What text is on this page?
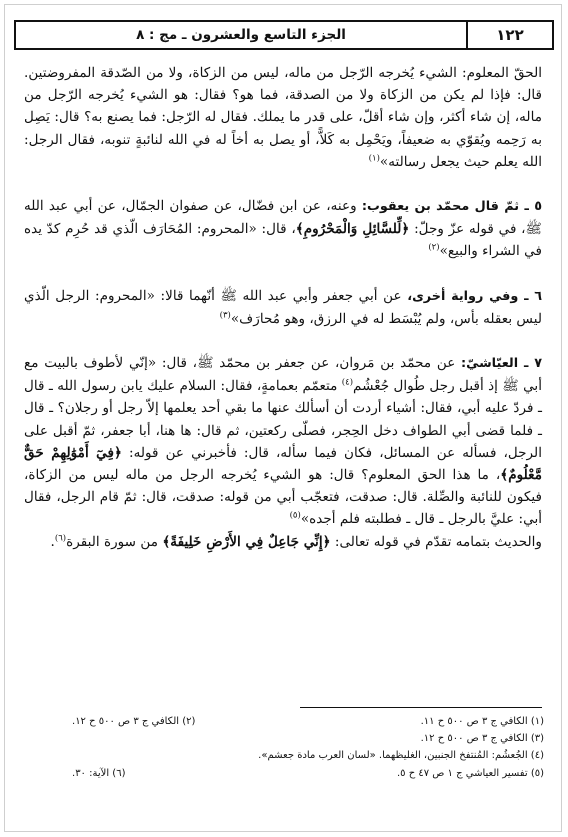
١٢٢
الجزء التاسع والعشرون ـ مج : ٨

الحقّ المعلوم: الشيء يُخرجه الرّجل من ماله، ليس من الزكاة، ولا من الصّدقة المفروضتين. قال: فإذا لم يكن من الزكاة ولا من الصدقة، فما هو؟ فقال: هو الشيء يُخرجه الرّجل من ماله، إن شاء أكثر، وإن شاء أقلّ، على قدر ما يملك. فقال له الرّجل: فما يصنع به؟ قال: يَصِل به رَحِمه ويُقوّي به ضعيفاً، ويَحْمِل به كَلاًّ، أو يصل به أخاً له في الله لنائبةٍ تنوبه، فقال الرجل: الله يعلم حيث يجعل رسالته»$^{(١)}$

٥ ـ ثمّ قال محمّد بن يعقوب: وعنه، عن ابن فضّال، عن صفوان الجمّال، عن أبي عبد الله ﷺ، في قوله عزّ وجلّ: ﴿لِّلسَّائِلِ وَالْمَحْرُومِ﴾، قال: «المحروم: المُحَارَف الّذي قد حُرِم كدّ يده في الشراء والبيع»$^{(٢)}$

٦ ـ وفي رواية أخرى، عن أبي جعفر وأبي عبد الله ﷺ أنّهما قالا: «المحروم: الرجل الّذي ليس بعقله بأس، ولم يُبْسَط له في الرزق، وهو مُحارَف»$^{(٣)}$

٧ ـ العيّاشيّ: عن محمّد بن مَروان، عن جعفر بن محمّد ﷺ، قال: «إنّي لأطوف بالبيت مع أبي ﷺ إذ أقبل رجل طُوال جُعْشُم$^{(٤)}$ متعمّم بعمامةٍ، فقال: السلام عليك يابن رسول الله ـ قال ـ فردّ عليه أبي، فقال: أشياء أردت أن أسألك عنها ما بقي أحد يعلمها إلاّ رجل أو رجلان؟ ـ قال ـ فلما قضى أبي الطواف دخل الحِجر، فصلّى ركعتين، ثم قال: ها هنا، أبا جعفر، ثمّ أقبل على الرجل، فسأله عن المسائل، فكان فيما سأله، قال: فأخبرني عن قوله: ﴿فِيٓ أَمْوَٰلِهِمْ حَقٌّ مَّعْلُومٌ﴾، ما هذا الحق المعلوم؟ قال: هو الشيء يُخرجه الرجل من ماله ليس من الزكاة، فيكون للنائبة والصِّلة. قال: صدقت، فتعجّب أبي من قوله: صدقت، قال: ثمّ قام الرجل، فقال أبي: عليَّ بالرجل ـ قال ـ فطلبته فلم أجده»$^{(٥)}$

والحديث بتمامه تقدّم في قوله تعالى: ﴿إِنِّي جَاعِلٌ فِي الأَرْضِ خَلِيفَةً﴾ من سورة البقرة$^{(٦)}$.

(١) الكافي ج ٣ ص ٥٠٠ ح ١١.
(٢) الكافي ج ٣ ص ٥٠٠ ح ١٢.
(٣) الكافي ج ٣ ص ٥٠٠ ح ١٢.
(٤) الجُعشُم: المُنتفخ الجنبين، الغليظهما. «لسان العرب مادة جعشم».
(٥) تفسير العياشي ج ١ ص ٤٧ ح ٥.
(٦) الآية: ٣٠.
